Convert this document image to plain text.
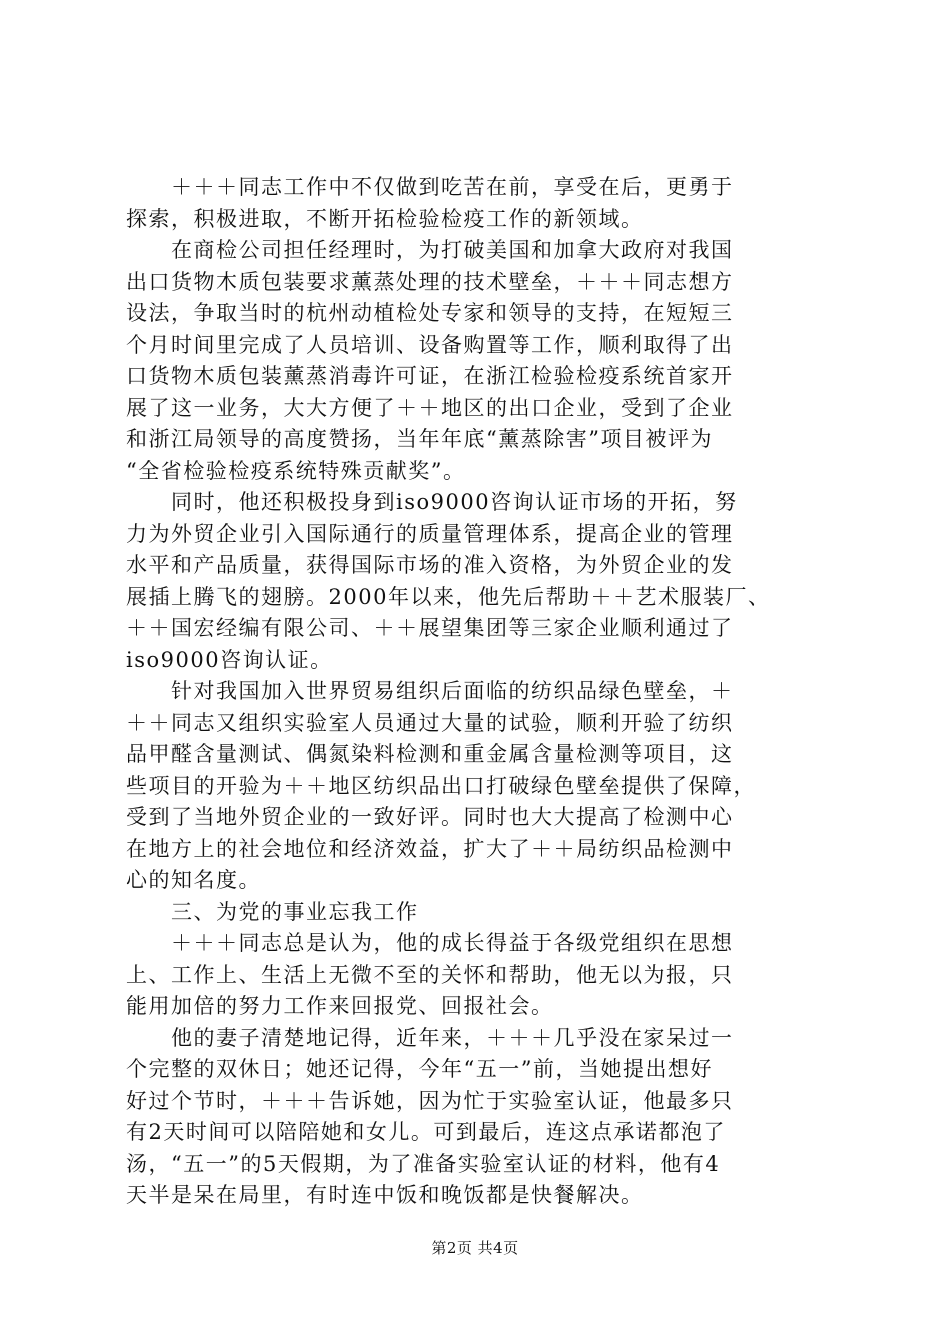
　　＋＋＋同志工作中不仅做到吃苦在前，享受在后，更勇于
探索，积极进取，不断开拓检验检疫工作的新领域。
　　在商检公司担任经理时，为打破美国和加拿大政府对我国
出口货物木质包装要求薰蒸处理的技术壁垒，＋＋＋同志想方
设法，争取当时的杭州动植检处专家和领导的支持，在短短三
个月时间里完成了人员培训、设备购置等工作，顺利取得了出
口货物木质包装薰蒸消毒许可证，在浙江检验检疫系统首家开
展了这一业务，大大方便了＋＋地区的出口企业，受到了企业
和浙江局领导的高度赞扬，当年年底“薰蒸除害”项目被评为
“全省检验检疫系统特殊贡献奖”。
　　同时，他还积极投身到iso9000咨询认证市场的开拓，努
力为外贸企业引入国际通行的质量管理体系，提高企业的管理
水平和产品质量，获得国际市场的准入资格，为外贸企业的发
展插上腾飞的翅膀。2000年以来，他先后帮助＋＋艺术服装厂、
＋＋国宏经编有限公司、＋＋展望集团等三家企业顺利通过了
iso9000咨询认证。
　　针对我国加入世界贸易组织后面临的纺织品绿色壁垒，＋
＋＋同志又组织实验室人员通过大量的试验，顺利开验了纺织
品甲醛含量测试、偶氮染料检测和重金属含量检测等项目，这
些项目的开验为＋＋地区纺织品出口打破绿色壁垒提供了保障，
受到了当地外贸企业的一致好评。同时也大大提高了检测中心
在地方上的社会地位和经济效益，扩大了＋＋局纺织品检测中
心的知名度。
　　三、为党的事业忘我工作
　　＋＋＋同志总是认为，他的成长得益于各级党组织在思想
上、工作上、生活上无微不至的关怀和帮助，他无以为报，只
能用加倍的努力工作来回报党、回报社会。
　　他的妻子清楚地记得，近年来，＋＋＋几乎没在家呆过一
个完整的双休日；她还记得，今年“五一”前，当她提出想好
好过个节时，＋＋＋告诉她，因为忙于实验室认证，他最多只
有2天时间可以陪陪她和女儿。可到最后，连这点承诺都泡了
汤，“五一”的5天假期，为了准备实验室认证的材料，他有4
天半是呆在局里，有时连中饭和晚饭都是快餐解决。
第2页 共4页
